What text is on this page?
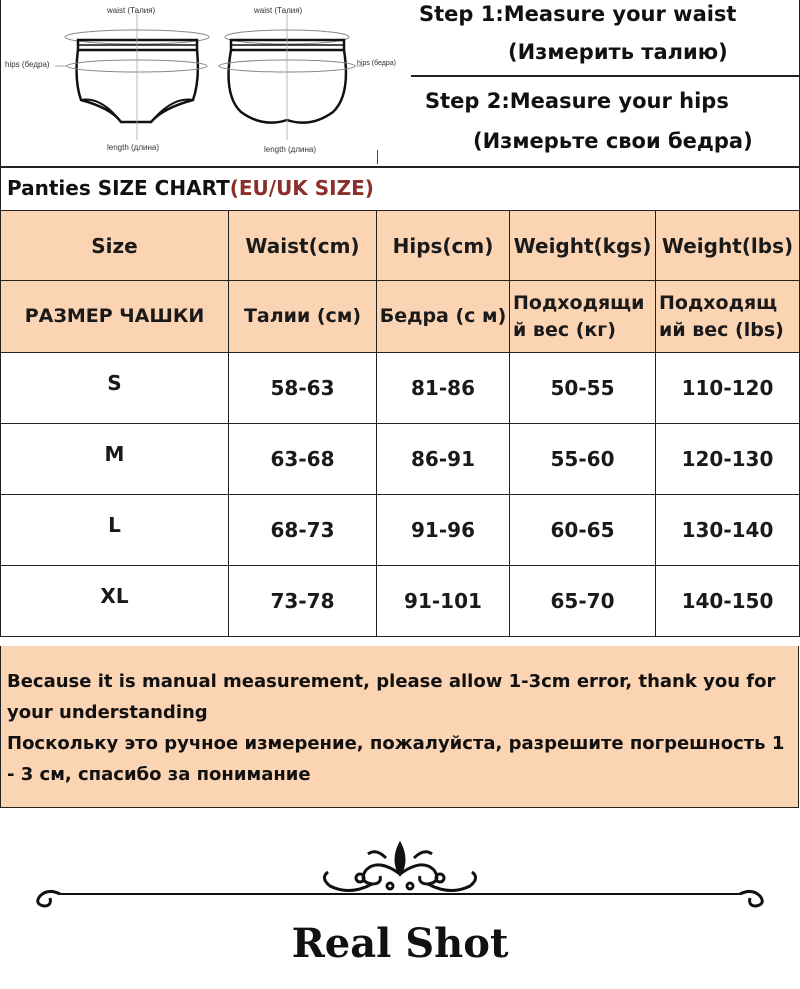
waist (Талия)	waist (Талия)
hips (бедра)	hips (бедра)
length (длина)	length (длина)
Step 1:Measure your waist
(Измерить талию)
Step 2:Measure your hips
(Измерьте свои бедра)
Panties SIZE CHART(EU/UK SIZE)
Size	Waist(cm)	Hips(cm)	Weight(kgs)	Weight(lbs)
РАЗМЕР ЧАШКИ	Талии (см)	Бедра (с м)	Подходящи й вес (кг)	Подходящ ий вес (lbs)
S	58-63	81-86	50-55	110-120
M	63-68	86-91	55-60	120-130
L	68-73	91-96	60-65	130-140
XL	73-78	91-101	65-70	140-150
Because it is manual measurement, please allow 1-3cm error, thank you for your understanding
Поскольку это ручное измерение, пожалуйста, разрешите погрешность 1 - 3 см, спасибо за понимание
Real Shot
